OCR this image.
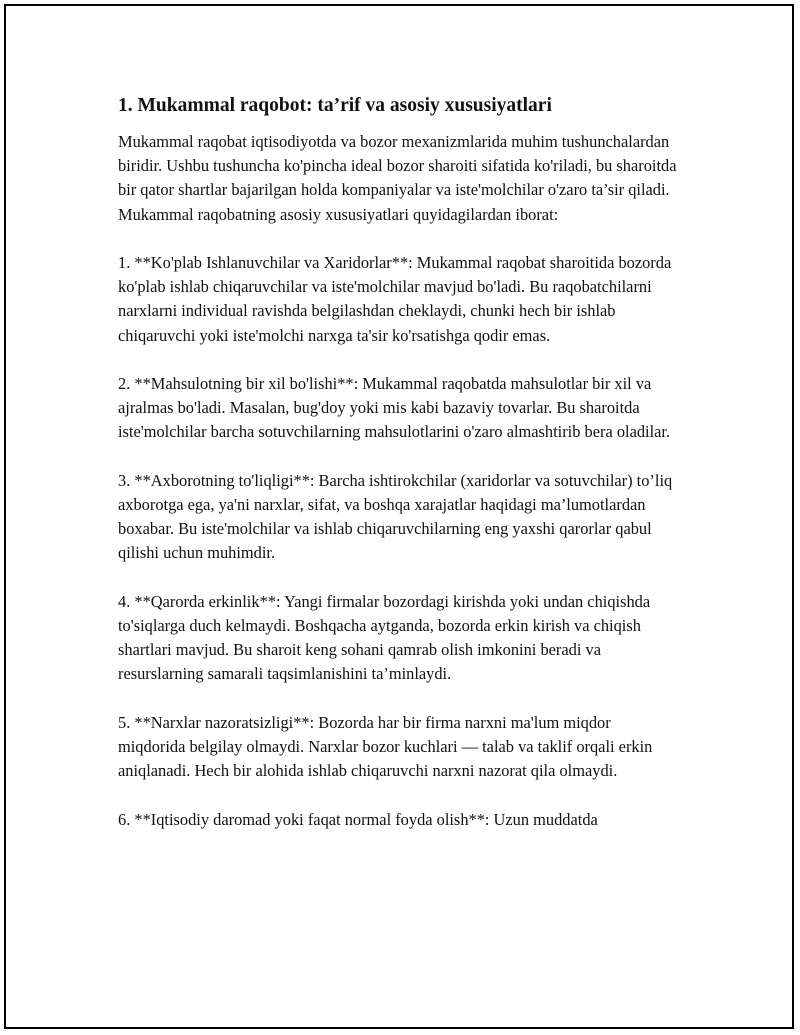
1. Mukammal raqobot: ta’rif va asosiy xususiyatlari

Mukammal raqobat iqtisodiyotda va bozor mexanizmlarida muhim tushunchalardan biridir. Ushbu tushuncha ko'pincha ideal bozor sharoiti sifatida ko'riladi, bu sharoitda bir qator shartlar bajarilgan holda kompaniyalar va iste'molchilar o'zaro ta’sir qiladi. Mukammal raqobatning asosiy xususiyatlari quyidagilardan iborat:

1. **Ko'plab Ishlanuvchilar va Xaridorlar**: Mukammal raqobat sharoitida bozorda ko'plab ishlab chiqaruvchilar va iste'molchilar mavjud bo'ladi. Bu raqobatchilarni narxlarni individual ravishda belgilashdan cheklaydi, chunki hech bir ishlab chiqaruvchi yoki iste'molchi narxga ta'sir ko'rsatishga qodir emas.

2. **Mahsulotning bir xil bo'lishi**: Mukammal raqobatda mahsulotlar bir xil va ajralmas bo'ladi. Masalan, bug'doy yoki mis kabi bazaviy tovarlar. Bu sharoitda iste'molchilar barcha sotuvchilarning mahsulotlarini o'zaro almashtirib bera oladilar.

3. **Axborotning to'liqligi**: Barcha ishtirokchilar (xaridorlar va sotuvchilar) to’liq axborotga ega, ya'ni narxlar, sifat, va boshqa xarajatlar haqidagi ma’lumotlardan boxabar. Bu iste'molchilar va ishlab chiqaruvchilarning eng yaxshi qarorlar qabul qilishi uchun muhimdir.

4. **Qarorda erkinlik**: Yangi firmalar bozordagi kirishda yoki undan chiqishda to'siqlarga duch kelmaydi. Boshqacha aytganda, bozorda erkin kirish va chiqish shartlari mavjud. Bu sharoit keng sohani qamrab olish imkonini beradi va resurslarning samarali taqsimlanishini ta’minlaydi.

5. **Narxlar nazoratsizligi**: Bozorda har bir firma narxni ma'lum miqdor miqdorida belgilay olmaydi. Narxlar bozor kuchlari — talab va taklif orqali erkin aniqlanadi. Hech bir alohida ishlab chiqaruvchi narxni nazorat qila olmaydi.

6. **Iqtisodiy daromad yoki faqat normal foyda olish**: Uzun muddatda
